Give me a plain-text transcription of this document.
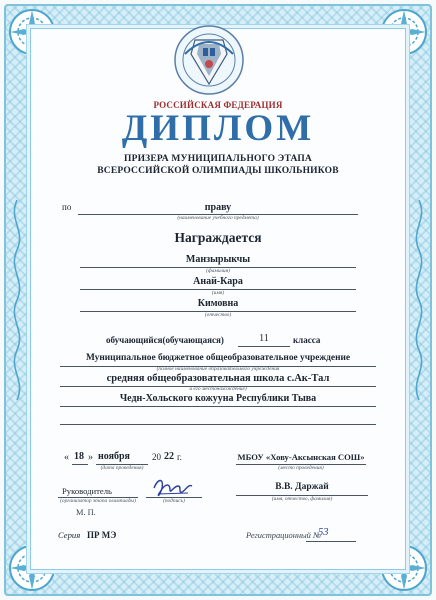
РОССИЙСКАЯ ФЕДЕРАЦИЯ
ДИПЛОМ
ПРИЗЕРА МУНИЦИПАЛЬНОГО ЭТАПА
ВСЕРОССИЙСКОЙ ОЛИМПИАДЫ ШКОЛЬНИКОВ
по	праву
(наименование учебного предмета)
Награждается
Манзырыкчы
(фамилия)
Анай-Кара
(имя)
Кимовна
(отчество)
обучающийся(обучающаяся)	11	класса
Муниципальное бюджетное общеобразовательное учреждение
(полное наименование образовательного учреждения
средняя общеобразовательная школа с.Ак-Тал
и его местонахождение)
Чедн-Хольского кожууна Республики Тыва
« 18 » ноября 20 22 г.
(дата проведения)
МБОУ «Хову-Аксынская СОШ»
(место проведения)
Руководитель
(организатор этапа олимпиады)	(подпись)
В.В. Даржай
(имя, отчество, фамилия)
М. П.
Серия ПР МЭ	Регистрационный №
53
